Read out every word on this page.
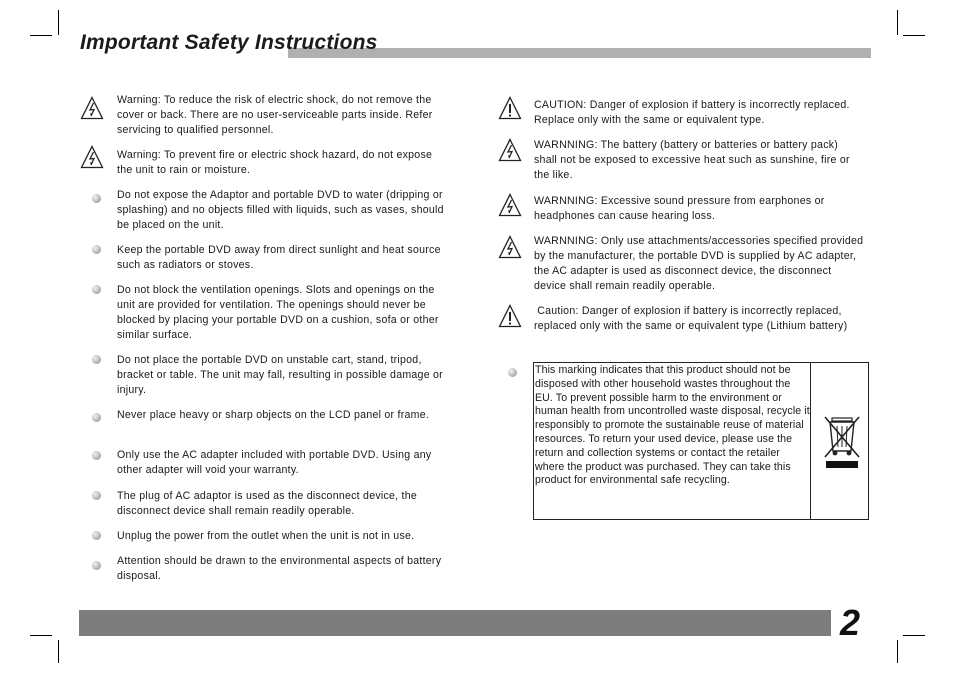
Important Safety Instructions
Warning: To reduce the risk of electric shock, do not remove the cover or back. There are no user-serviceable parts inside. Refer servicing to qualified personnel.
Warning: To prevent fire or electric shock hazard, do not expose the unit to rain or moisture.
Do not expose the Adaptor and portable DVD to water (dripping or splashing) and no objects filled with liquids, such as vases, should be placed on the unit.
Keep the portable DVD away from direct sunlight and heat source such as radiators or stoves.
Do not block the ventilation openings. Slots and openings on the unit are provided for ventilation. The openings should never be blocked by placing your portable DVD on a cushion, sofa or other similar surface.
Do not place the portable DVD on unstable cart, stand, tripod, bracket or table. The unit may fall, resulting in possible damage or injury.
Never place heavy or sharp objects on the LCD panel or frame.
Only use the AC adapter included with portable DVD. Using any other adapter will void your warranty.
The plug of AC adaptor is used as the disconnect device, the disconnect device shall remain readily operable.
Unplug the power from the outlet when the unit is not in use.
Attention should be drawn to the environmental aspects of battery disposal.
CAUTION: Danger of explosion if battery is incorrectly replaced. Replace only with the same or equivalent type.
WARNNING: The battery (battery or batteries or battery pack) shall not be exposed to excessive heat such as sunshine, fire or the like.
WARNNING: Excessive sound pressure from earphones or headphones can cause hearing loss.
WARNNING: Only use attachments/accessories specified provided by the manufacturer, the portable DVD is supplied by AC adapter, the AC adapter is used as disconnect device, the disconnect device shall remain readily operable.
Caution: Danger of explosion if battery is incorrectly replaced, replaced only with the same or equivalent type (Lithium battery)
This marking indicates that this product should not be disposed with other household wastes throughout the EU. To prevent possible harm to the environment or human health from uncontrolled waste disposal, recycle it responsibly to promote the sustainable reuse of material resources. To return your used device, please use the return and collection systems or contact the retailer where the product was purchased. They can take this product for environmental safe recycling.
2
